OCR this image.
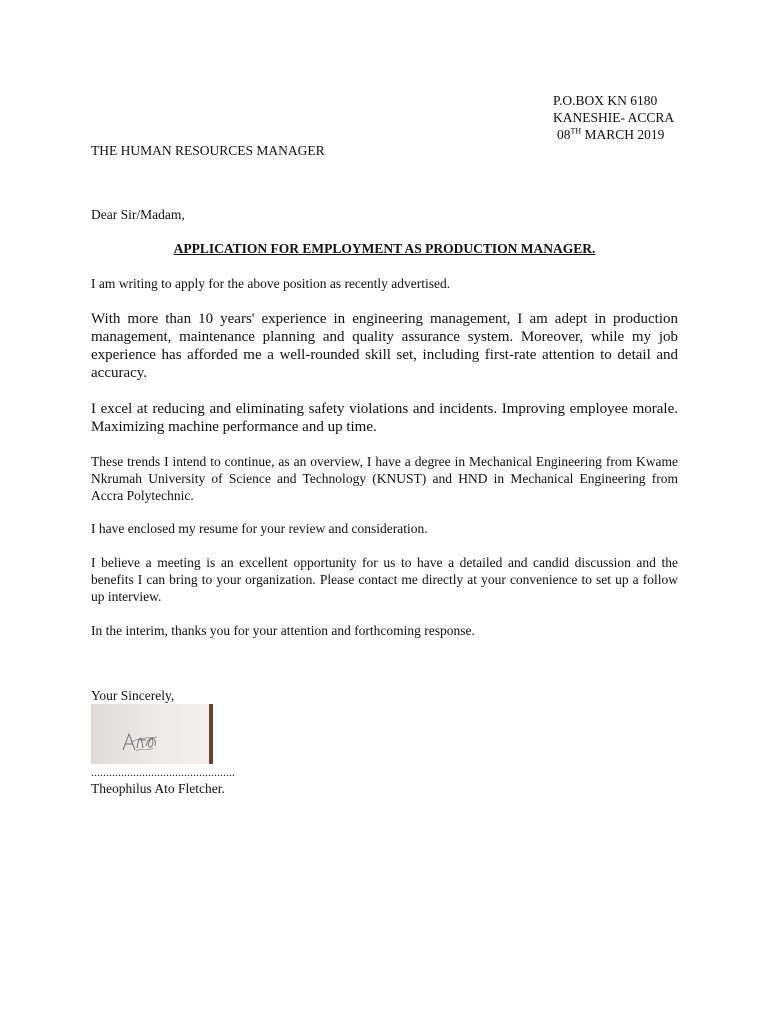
P.O.BOX KN 6180
KANESHIE- ACCRA
08TH MARCH 2019
THE HUMAN RESOURCES MANAGER
Dear Sir/Madam,
APPLICATION FOR EMPLOYMENT AS PRODUCTION MANAGER.
I am writing to apply for the above position as recently advertised.
With more than 10 years' experience in engineering management, I am adept in production management, maintenance planning and quality assurance system. Moreover, while my job experience has afforded me a well-rounded skill set, including first-rate attention to detail and accuracy.
I excel at reducing and eliminating safety violations and incidents. Improving employee morale. Maximizing machine performance and up time.
These trends I intend to continue, as an overview, I have a degree in Mechanical Engineering from Kwame Nkrumah University of Science and Technology (KNUST) and HND in Mechanical Engineering from Accra Polytechnic.
I have enclosed my resume for your review and consideration.
I believe a meeting is an excellent opportunity for us to have a detailed and candid discussion and the benefits I can bring to your organization. Please contact me directly at your convenience to set up a follow up interview.
In the interim, thanks you for your attention and forthcoming response.
Your Sincerely,
................................................
Theophilus Ato Fletcher.
